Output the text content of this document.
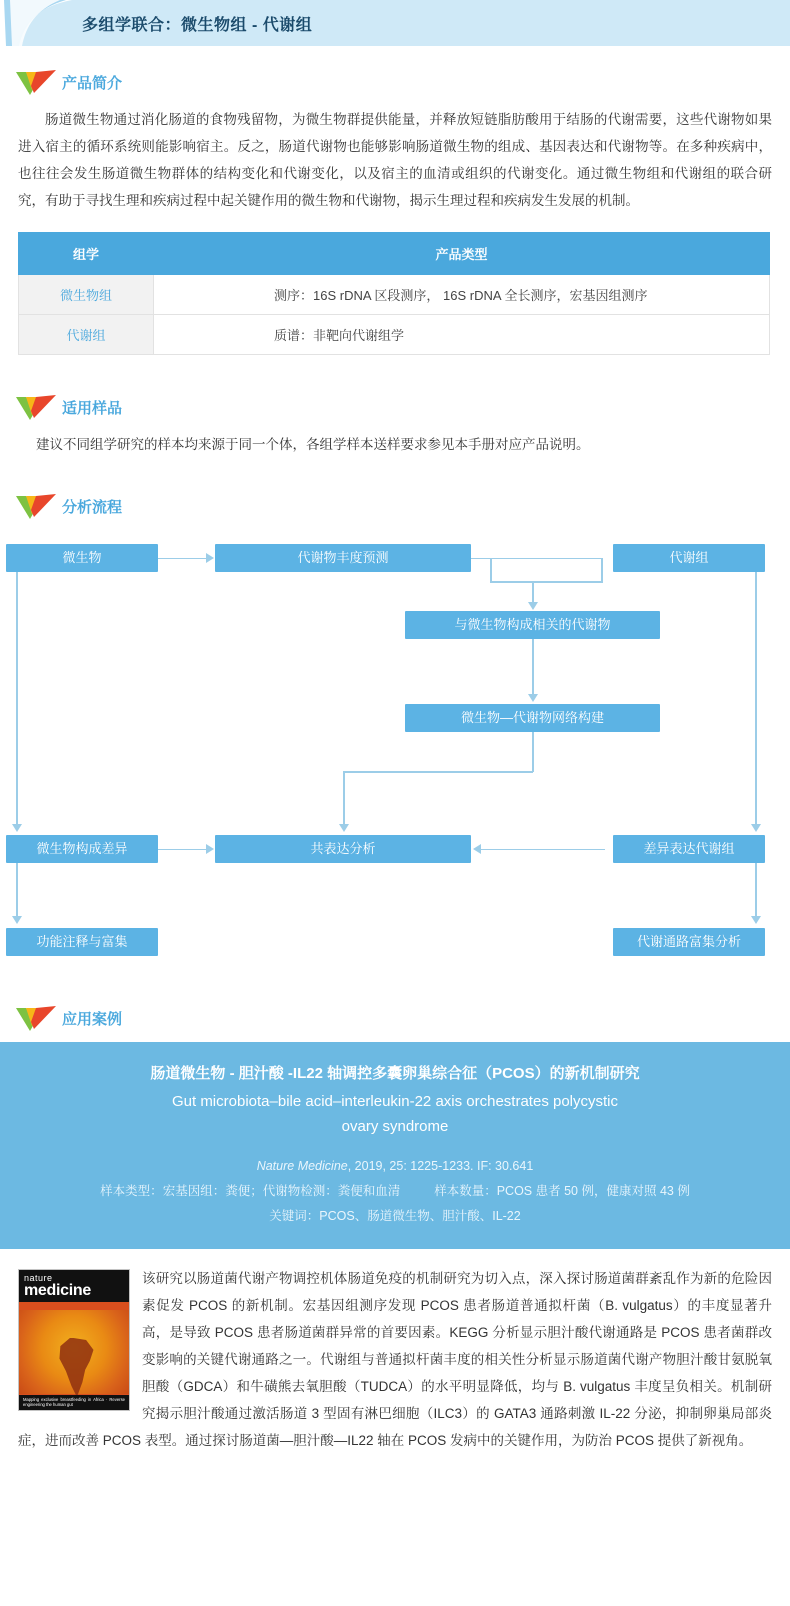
多组学联合：微生物组 - 代谢组
产品简介
肠道微生物通过消化肠道的食物残留物，为微生物群提供能量，并释放短链脂肪酸用于结肠的代谢需要，这些代谢物如果进入宿主的循环系统则能影响宿主。反之，肠道代谢物也能够影响肠道微生物的组成、基因表达和代谢物等。在多种疾病中，也往往会发生肠道微生物群体的结构变化和代谢变化，以及宿主的血清或组织的代谢变化。通过微生物组和代谢组的联合研究，有助于寻找生理和疾病过程中起关键作用的微生物和代谢物，揭示生理过程和疾病发生发展的机制。
组学	产品类型
微生物组	测序：16S rDNA 区段测序， 16S rDNA 全长测序，宏基因组测序
代谢组	质谱：非靶向代谢组学
适用样品
建议不同组学研究的样本均来源于同一个体，各组学样本送样要求参见本手册对应产品说明。
分析流程
微生物	代谢物丰度预测	代谢组
与微生物构成相关的代谢物
微生物—代谢物网络构建
微生物构成差异	共表达分析	差异表达代谢组
功能注释与富集	代谢通路富集分析
应用案例
肠道微生物 - 胆汁酸 -IL22 轴调控多囊卵巢综合征（PCOS）的新机制研究
Gut microbiota–bile acid–interleukin-22 axis orchestrates polycystic
ovary syndrome
Nature Medicine, 2019, 25: 1225-1233. IF: 30.641
样本类型：宏基因组：粪便；代谢物检测：粪便和血清	样本数量：PCOS 患者 50 例，健康对照 43 例
关键词：PCOS、肠道微生物、胆汁酸、IL-22
nature
medicine
Mapping exclusive breastfeeding in Africa · Reverse engineering the human gut

该研究以肠道菌代谢产物调控机体肠道免疫的机制研究为切入点，深入探讨肠道菌群紊乱作为新的危险因素促发 PCOS 的新机制。宏基因组测序发现 PCOS 患者肠道普通拟杆菌（B. vulgatus）的丰度显著升高，是导致 PCOS 患者肠道菌群异常的首要因素。KEGG 分析显示胆汁酸代谢通路是 PCOS 患者菌群改变影响的关键代谢通路之一。代谢组与普通拟杆菌丰度的相关性分析显示肠道菌代谢产物胆汁酸甘氨脱氧胆酸（GDCA）和牛磺熊去氧胆酸（TUDCA）的水平明显降低，均与 B. vulgatus 丰度呈负相关。机制研究揭示胆汁酸通过激活肠道 3 型固有淋巴细胞（ILC3）的 GATA3 通路刺激 IL-22 分泌，抑制卵巢局部炎症，进而改善 PCOS 表型。通过探讨肠道菌—胆汁酸—IL22 轴在 PCOS 发病中的关键作用，为防治 PCOS 提供了新视角。
